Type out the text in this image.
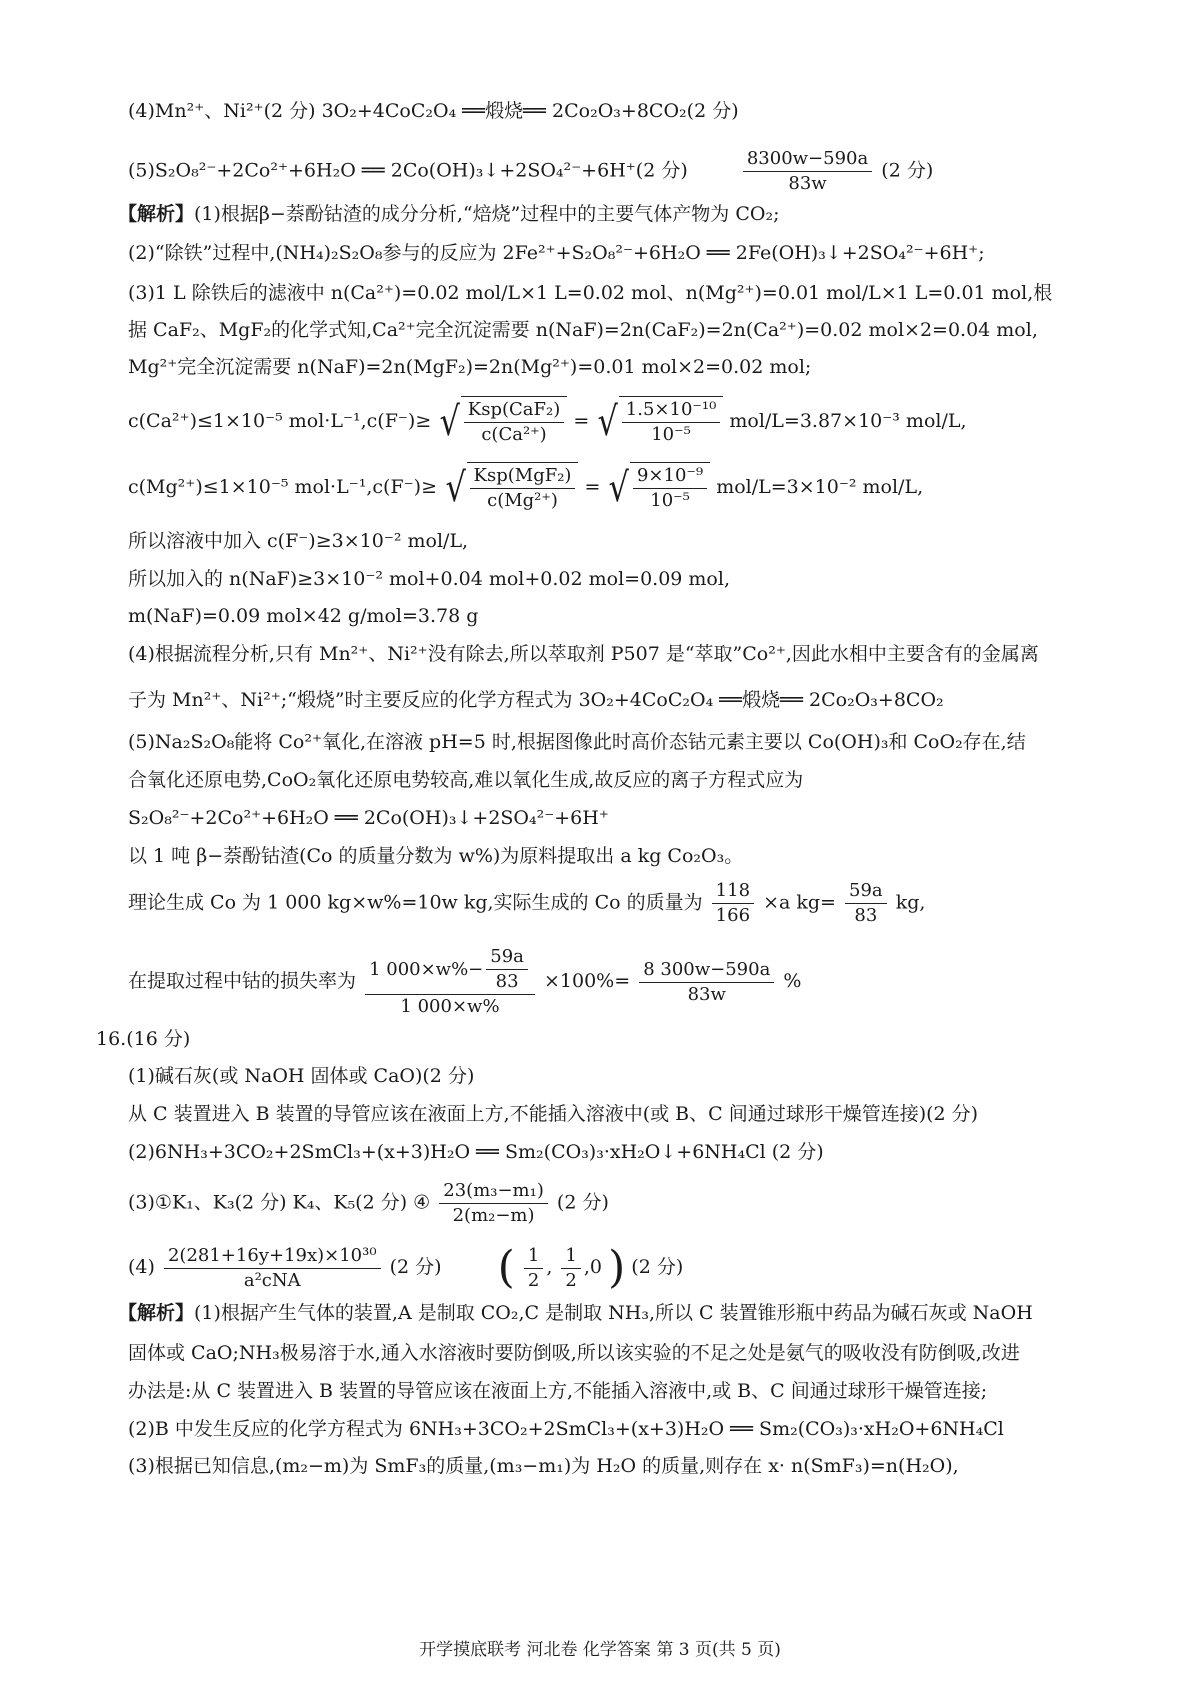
(4)Mn²⁺、Ni²⁺(2 分) 3O₂+4CoC₂O₄ ══煅烧══ 2Co₂O₃+8CO₂(2 分)
(5)S₂O₈²⁻+2Co²⁺+6H₂O ══ 2Co(OH)₃↓+2SO₄²⁻+6H⁺(2 分)	$\frac{8300w-590a}{83w} (2$ 分)
【解析】(1)根据β−萘酚钴渣的成分分析,“焙烧”过程中的主要气体产物为 CO₂;
(2)“除铁”过程中,(NH₄)₂S₂O₈参与的反应为 2Fe²⁺+S₂O₈²⁻+6H₂O ══ 2Fe(OH)₃↓+2SO₄²⁻+6H⁺;
(3)1 L 除铁后的滤液中 n(Ca²⁺)=0.02 mol/L×1 L=0.02 mol、n(Mg²⁺)=0.01 mol/L×1 L=0.01 mol,根
据 CaF₂、MgF₂的化学式知,Ca²⁺完全沉淀需要 n(NaF)=2n(CaF₂)=2n(Ca²⁺)=0.02 mol×2=0.04 mol,
Mg²⁺完全沉淀需要 n(NaF)=2n(MgF₂)=2n(Mg²⁺)=0.01 mol×2=0.02 mol;
c(Ca²⁺)≤1×10⁻⁵ mol·L⁻¹,c(F⁻)≥ √ $\frac{\text{Ksp(CaF₂)}}{\text{c(Ca²⁺)}}$ = √ $\frac{\text{1.5×10⁻¹⁰}}{\text{10⁻⁵}} mol/L=3.87\times 10^{-3}$ mol/L,
c(Mg²⁺)≤1×10⁻⁵ mol·L⁻¹,c(F⁻)≥ √ $\frac{\text{Ksp(MgF₂)}}{\text{c(Mg²⁺)}}$ = √ $\frac{\text{9×10⁻⁹}}{\text{10⁻⁵}} mol/L=3\times 10^{-2}$ mol/L,
所以溶液中加入 c(F⁻)≥3×10⁻² mol/L,
所以加入的 n(NaF)≥3×10⁻² mol+0.04 mol+0.02 mol=0.09 mol,
m(NaF)=0.09 mol×42 g/mol=3.78 g
(4)根据流程分析,只有 Mn²⁺、Ni²⁺没有除去,所以萃取剂 P507 是“萃取”Co²⁺,因此水相中主要含有的金属离
子为 Mn²⁺、Ni²⁺;“煅烧”时主要反应的化学方程式为 3O₂+4CoC₂O₄ ══煅烧══ 2Co₂O₃+8CO₂
(5)Na₂S₂O₈能将 Co²⁺氧化,在溶液 pH=5 时,根据图像此时高价态钴元素主要以 Co(OH)₃和 CoO₂存在,结
合氧化还原电势,CoO₂氧化还原电势较高,难以氧化生成,故反应的离子方程式应为
S₂O₈²⁻+2Co²⁺+6H₂O ══ 2Co(OH)₃↓+2SO₄²⁻+6H⁺
以 1 吨 β−萘酚钴渣(Co 的质量分数为 w%)为原料提取出 a kg Co₂O₃。
理论生成 Co 为 1 000 kg×w%=10w kg,实际生成的 Co 的质量为 $\frac{118}{166} \times a$ $kg= \frac{59a}{83}$ kg,
在提取过程中钴的损失率为 $\frac{1 000\times w\%- \frac{59a}{83}}{1 000\times w\%} \times 100\%= \frac{8 300w-590a}{83w}$ %
16.(16 分)
(1)碱石灰(或 NaOH 固体或 CaO)(2 分)
从 C 装置进入 B 装置的导管应该在液面上方,不能插入溶液中(或 B、C 间通过球形干燥管连接)(2 分)
(2)6NH₃+3CO₂+2SmCl₃+(x+3)H₂O ══ Sm₂(CO₃)₃·xH₂O↓+6NH₄Cl (2 分)
(3)①K₁、K₃(2 分) K₄、K₅(2 分) ④ $\frac{\text{23(m₃−m₁)}}{\text{2(m₂−m)}} (2$ 分)
$(4) \frac{\text{2(281+16y+19x)×10³⁰}}{\text{a²cNA}} (2$ 分) ( $\frac{1}{2}$ , $\frac{1}{2} ,0$ ) (2 分)
【解析】(1)根据产生气体的装置,A 是制取 CO₂,C 是制取 NH₃,所以 C 装置锥形瓶中药品为碱石灰或 NaOH
固体或 CaO;NH₃极易溶于水,通入水溶液时要防倒吸,所以该实验的不足之处是氨气的吸收没有防倒吸,改进
办法是:从 C 装置进入 B 装置的导管应该在液面上方,不能插入溶液中,或 B、C 间通过球形干燥管连接;
(2)B 中发生反应的化学方程式为 6NH₃+3CO₂+2SmCl₃+(x+3)H₂O ══ Sm₂(CO₃)₃·xH₂O+6NH₄Cl
(3)根据已知信息,(m₂−m)为 SmF₃的质量,(m₃−m₁)为 H₂O 的质量,则存在 x· n(SmF₃)=n(H₂O),
开学摸底联考 河北卷 化学答案 第 3 页(共 5 页)
